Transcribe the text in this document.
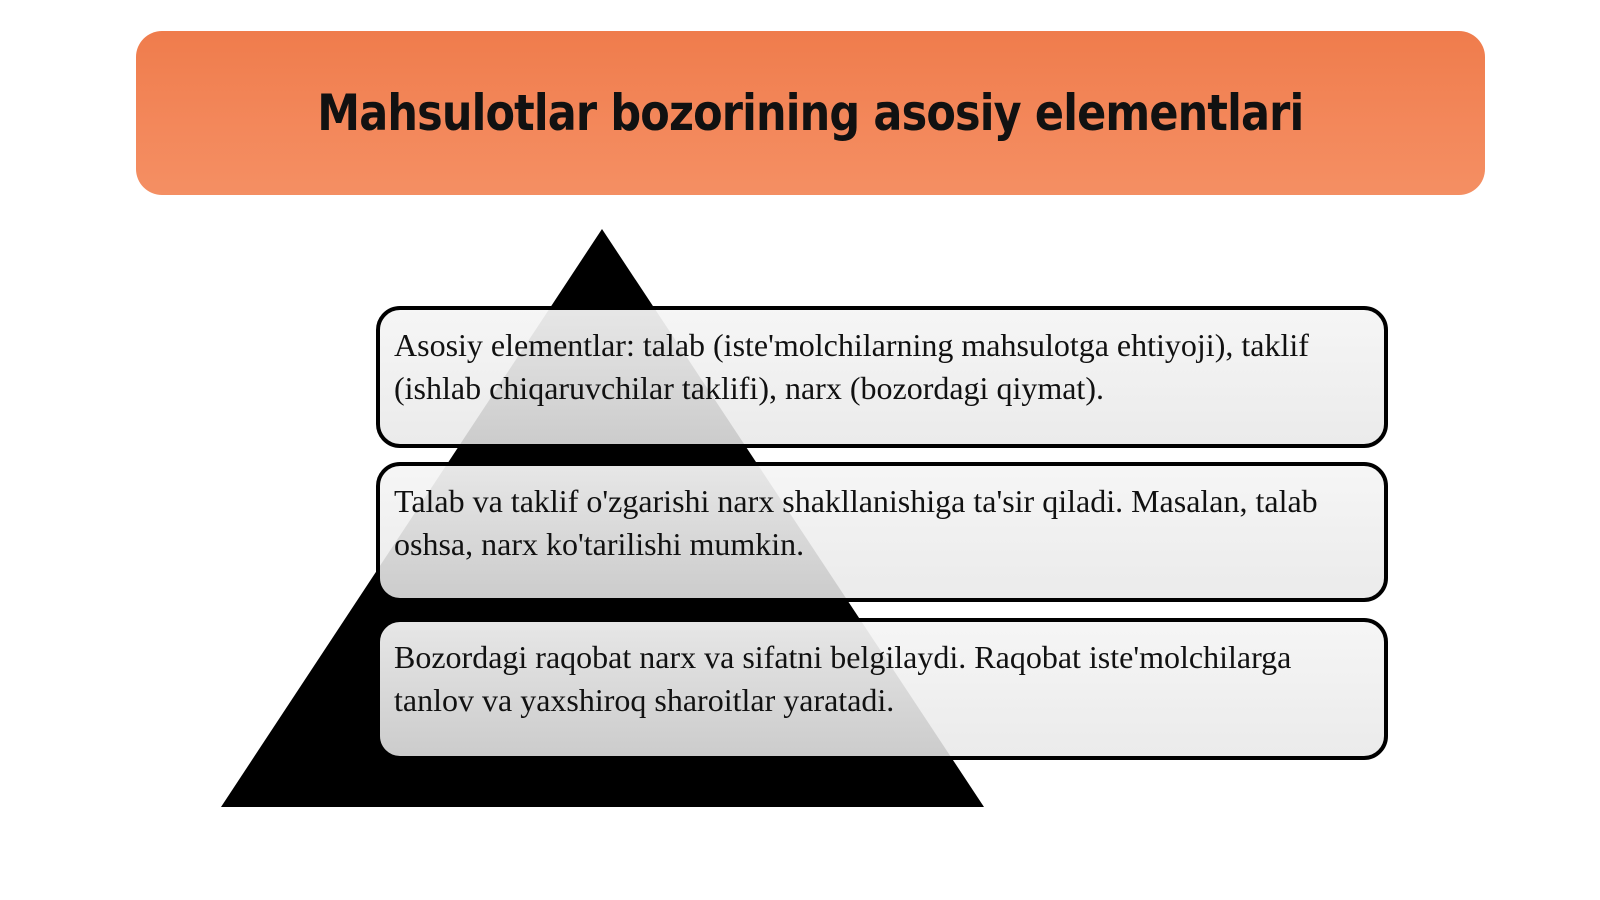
Mahsulotlar bozorining asosiy elementlari

Asosiy elementlar: talab (iste'molchilarning mahsulotga ehtiyoji), taklif (ishlab chiqaruvchilar taklifi), narx (bozordagi qiymat).

Talab va taklif o'zgarishi narx shakllanishiga ta'sir qiladi. Masalan, talab oshsa, narx ko'tarilishi mumkin.

Bozordagi raqobat narx va sifatni belgilaydi. Raqobat iste'molchilarga tanlov va yaxshiroq sharoitlar yaratadi.
